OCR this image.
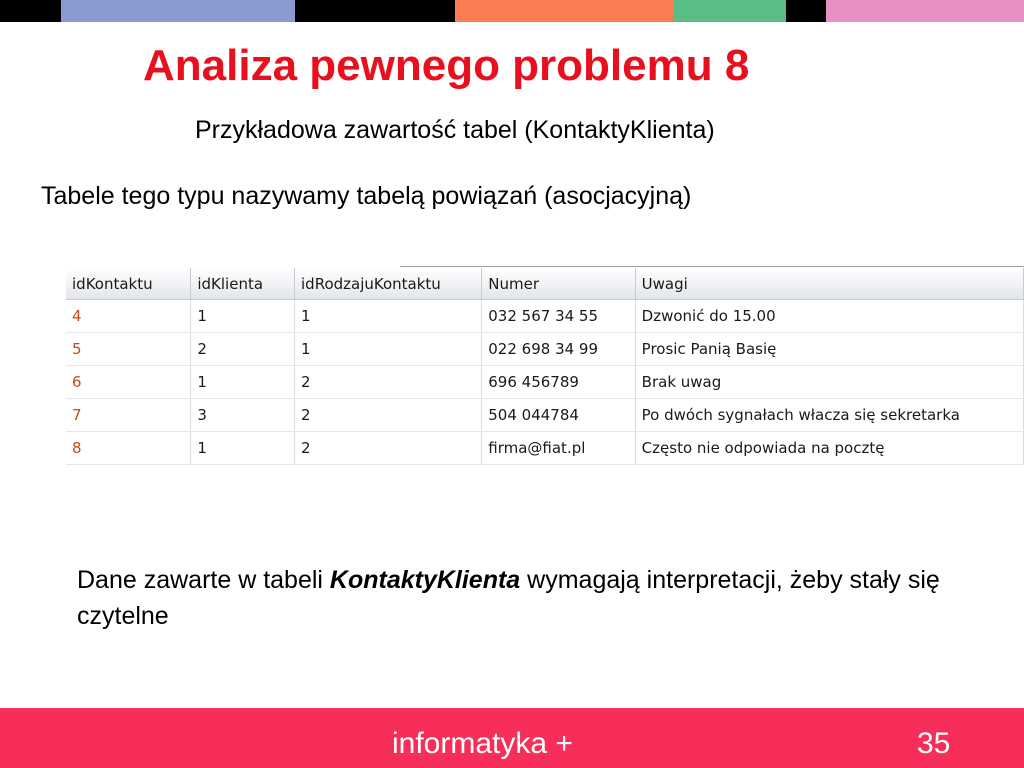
Analiza pewnego problemu 8
Przykładowa zawartość tabel (KontaktyKlienta)
Tabele tego typu nazywamy tabelą powiązań (asocjacyjną)
idKontaktu	idKlienta	idRodzajuKontaktu	Numer	Uwagi
4	1	1	032 567 34 55	Dzwonić do 15.00
5	2	1	022 698 34 99	Prosic Panią Basię
6	1	2	696 456789	Brak uwag
7	3	2	504 044784	Po dwóch sygnałach włacza się sekretarka
8	1	2	firma@fiat.pl	Często nie odpowiada na pocztę
Dane zawarte w tabeli KontaktyKlienta wymagają interpretacji, żeby stały się czytelne
informatyka +	35
